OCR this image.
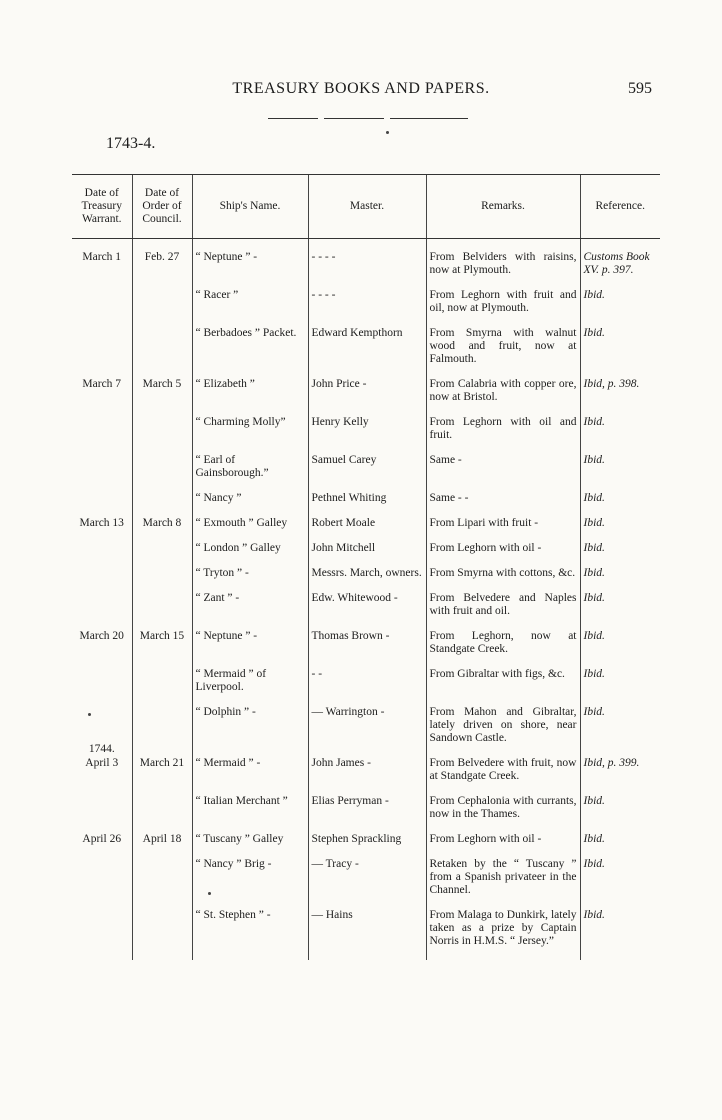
TREASURY BOOKS AND PAPERS.	595
1743-4.
Date of Treasury Warrant.	Date of Order of Council.	Ship's Name.	Master.	Remarks.	Reference.

March 1	Feb. 27	“ Neptune ” -	- - - -	From Belviders with raisins, now at Plymouth.	Customs Book XV. p. 397.
		“ Racer ”	- - - -	From Leghorn with fruit and oil, now at Plymouth.	Ibid.
		“ Berbadoes ” Packet.	Edward Kempthorn	From Smyrna with walnut wood and fruit, now at Falmouth.	Ibid.
March 7	March 5	“ Elizabeth ”	John Price -	From Calabria with copper ore, now at Bristol.	Ibid, p. 398.
		“ Charming Molly”	Henry Kelly	From Leghorn with oil and fruit.	Ibid.
		“ Earl of Gainsborough.”	Samuel Carey	Same -	Ibid.
		“ Nancy ”	Pethnel Whiting	Same - -	Ibid.
March 13	March 8	“ Exmouth ” Galley	Robert Moale	From Lipari with fruit -	Ibid.
		“ London ” Galley	John Mitchell	From Leghorn with oil -	Ibid.
		“ Tryton ” -	Messrs. March, owners.	From Smyrna with cottons, &c.	Ibid.
		“ Zant ” -	Edw. Whitewood -	From Belvedere and Naples with fruit and oil.	Ibid.
March 20	March 15	“ Neptune ” -	Thomas Brown -	From Leghorn, now at Standgate Creek.	Ibid.
		“ Mermaid ” of Liverpool.	- -	From Gibraltar with figs, &c.	Ibid.
		“ Dolphin ” -	— Warrington -	From Mahon and Gibraltar, lately driven on shore, near Sandown Castle.	Ibid.

1744.
April 3	March 21	“ Mermaid ” -	John James -	From Belvedere with fruit, now at Standgate Creek.	Ibid, p. 399.
		“ Italian Merchant ”	Elias Perryman -	From Cephalonia with currants, now in the Thames.	Ibid.
April 26	April 18	“ Tuscany ” Galley	Stephen Sprackling	From Leghorn with oil -	Ibid.
		“ Nancy ” Brig -	— Tracy -	Retaken by the “ Tuscany ” from a Spanish privateer in the Channel.	Ibid.
		“ St. Stephen ” -	— Hains	From Malaga to Dunkirk, lately taken as a prize by Captain Norris in H.M.S. “ Jersey.”	Ibid.
